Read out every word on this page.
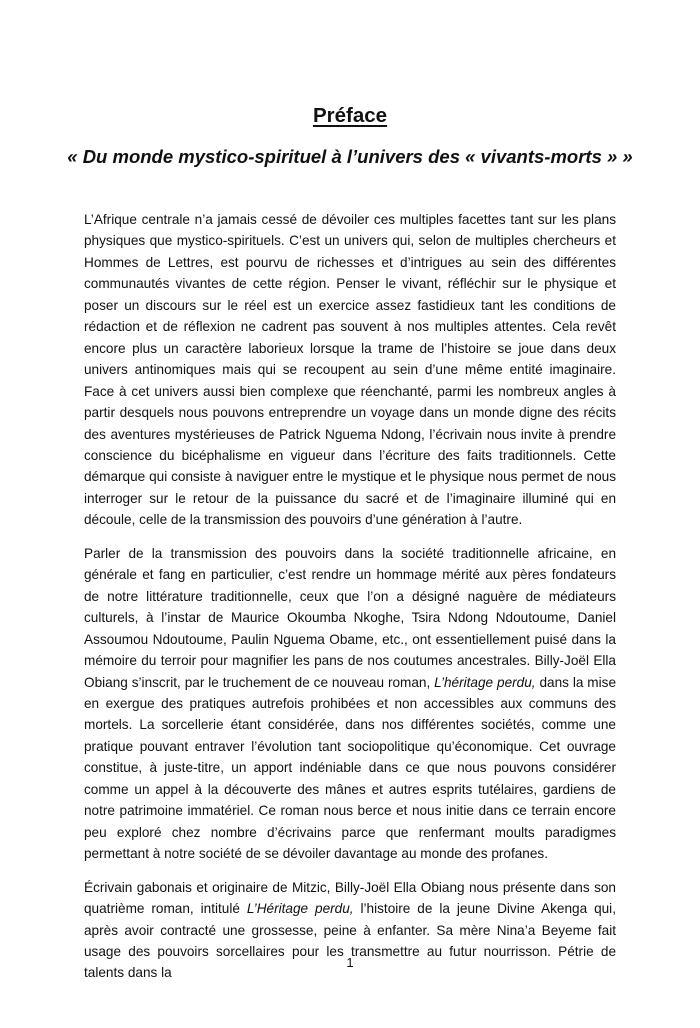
Préface
« Du monde mystico-spirituel à l’univers des « vivants-morts » »

L’Afrique centrale n’a jamais cessé de dévoiler ces multiples facettes tant sur les plans physiques que mystico-spirituels. C’est un univers qui, selon de multiples chercheurs et Hommes de Lettres, est pourvu de richesses et d’intrigues au sein des différentes communautés vivantes de cette région. Penser le vivant, réfléchir sur le physique et poser un discours sur le réel est un exercice assez fastidieux tant les conditions de rédaction et de réflexion ne cadrent pas souvent à nos multiples attentes. Cela revêt encore plus un caractère laborieux lorsque la trame de l’histoire se joue dans deux univers antinomiques mais qui se recoupent au sein d’une même entité imaginaire. Face à cet univers aussi bien complexe que réenchanté, parmi les nombreux angles à partir desquels nous pouvons entreprendre un voyage dans un monde digne des récits des aventures mystérieuses de Patrick Nguema Ndong, l’écrivain nous invite à prendre conscience du bicéphalisme en vigueur dans l’écriture des faits traditionnels. Cette démarque qui consiste à naviguer entre le mystique et le physique nous permet de nous interroger sur le retour de la puissance du sacré et de l’imaginaire illuminé qui en découle, celle de la transmission des pouvoirs d’une génération à l’autre.

Parler de la transmission des pouvoirs dans la société traditionnelle africaine, en générale et fang en particulier, c’est rendre un hommage mérité aux pères fondateurs de notre littérature traditionnelle, ceux que l’on a désigné naguère de médiateurs culturels, à l’instar de Maurice Okoumba Nkoghe, Tsira Ndong Ndoutoume, Daniel Assoumou Ndoutoume, Paulin Nguema Obame, etc., ont essentiellement puisé dans la mémoire du terroir pour magnifier les pans de nos coutumes ancestrales. Billy-Joël Ella Obiang s’inscrit, par le truchement de ce nouveau roman, L’héritage perdu, dans la mise en exergue des pratiques autrefois prohibées et non accessibles aux communs des mortels. La sorcellerie étant considérée, dans nos différentes sociétés, comme une pratique pouvant entraver l’évolution tant sociopolitique qu’économique. Cet ouvrage constitue, à juste-titre, un apport indéniable dans ce que nous pouvons considérer comme un appel à la découverte des mânes et autres esprits tutélaires, gardiens de notre patrimoine immatériel. Ce roman nous berce et nous initie dans ce terrain encore peu exploré chez nombre d’écrivains parce que renfermant moults paradigmes permettant à notre société de se dévoiler davantage au monde des profanes.

Écrivain gabonais et originaire de Mitzic, Billy-Joël Ella Obiang nous présente dans son quatrième roman, intitulé L’Héritage perdu, l’histoire de la jeune Divine Akenga qui, après avoir contracté une grossesse, peine à enfanter. Sa mère Nina’a Beyeme fait usage des pouvoirs sorcellaires pour les transmettre au futur nourrisson. Pétrie de talents dans la

1
